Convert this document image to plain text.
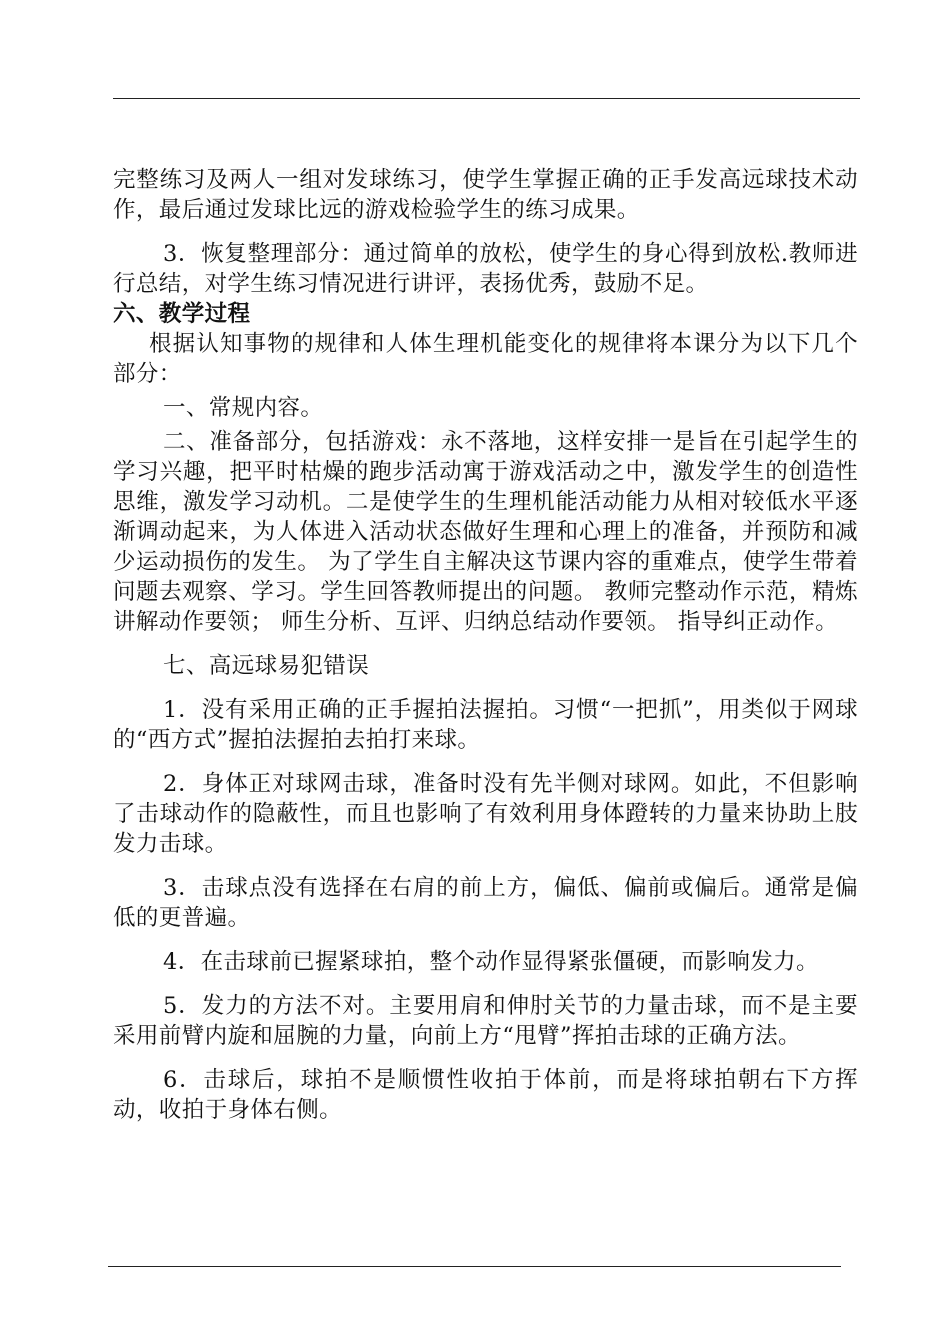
完整练习及两人一组对发球练习，使学生掌握正确的正手发高远球技术动作，最后通过发球比远的游戏检验学生的练习成果。

3．恢复整理部分：通过简单的放松，使学生的身心得到放松.教师进行总结，对学生练习情况进行讲评，表扬优秀，鼓励不足。

六、教学过程

根据认知事物的规律和人体生理机能变化的规律将本课分为以下几个部分：

一、常规内容。

二、准备部分，包括游戏：永不落地，这样安排一是旨在引起学生的学习兴趣，把平时枯燥的跑步活动寓于游戏活动之中，激发学生的创造性思维，激发学习动机。二是使学生的生理机能活动能力从相对较低水平逐渐调动起来，为人体进入活动状态做好生理和心理上的准备，并预防和减少运动损伤的发生。 为了学生自主解决这节课内容的重难点，使学生带着问题去观察、学习。学生回答教师提出的问题。 教师完整动作示范，精炼讲解动作要领； 师生分析、互评、归纳总结动作要领。 指导纠正动作。

七、高远球易犯错误

1．没有采用正确的正手握拍法握拍。习惯“一把抓”，用类似于网球的“西方式”握拍法握拍去拍打来球。

2．身体正对球网击球，准备时没有先半侧对球网。如此，不但影响了击球动作的隐蔽性，而且也影响了有效利用身体蹬转的力量来协助上肢发力击球。

3．击球点没有选择在右肩的前上方，偏低、偏前或偏后。通常是偏低的更普遍。

4．在击球前已握紧球拍，整个动作显得紧张僵硬，而影响发力。

5．发力的方法不对。主要用肩和伸肘关节的力量击球，而不是主要采用前臂内旋和屈腕的力量，向前上方“甩臂”挥拍击球的正确方法。

6．击球后，球拍不是顺惯性收拍于体前，而是将球拍朝右下方挥动，收拍于身体右侧。
